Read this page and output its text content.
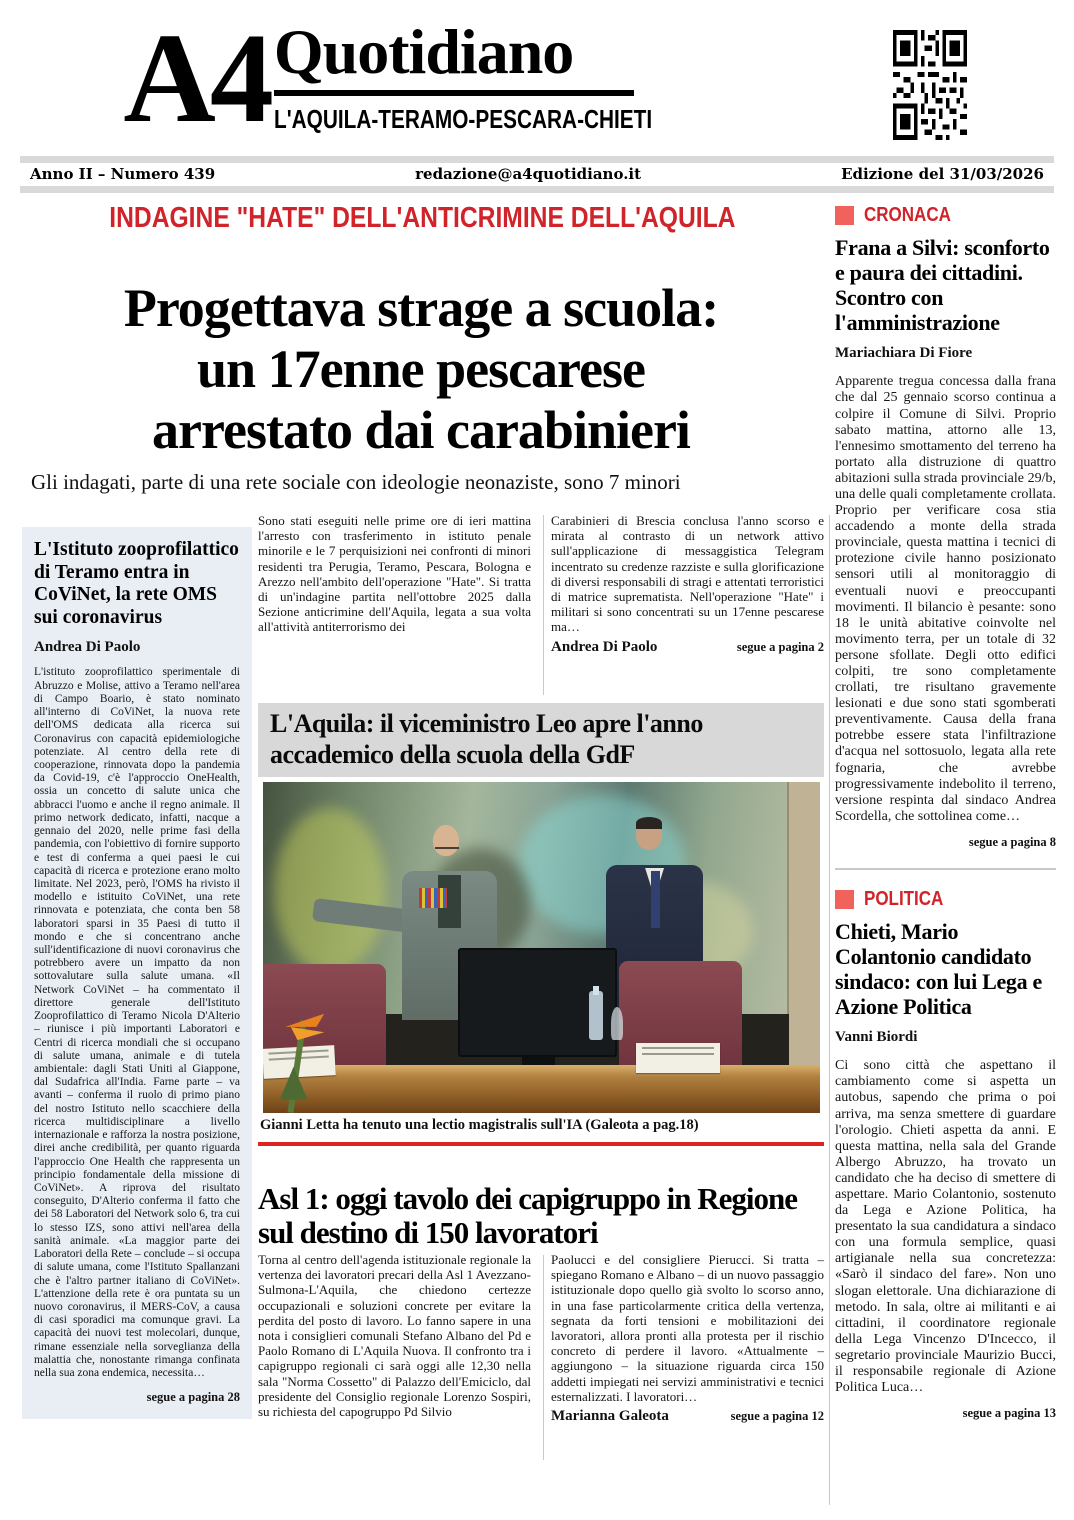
A4 Quotidiano
L'AQUILA-TERAMO-PESCARA-CHIETI
Anno II – Numero 439	redazione@a4quotidiano.it	Edizione del 31/03/2026
INDAGINE "HATE" DELL'ANTICRIMINE DELL'AQUILA
Progettava strage a scuola:
un 17enne pescarese
arrestato dai carabinieri
Gli indagati, parte di una rete sociale con ideologie neonaziste, sono 7 minori
Sono stati eseguiti nelle prime ore di ieri mattina l'arresto con trasferimento in istituto penale minorile e le 7 perquisizioni nei confronti di minori residenti tra Perugia, Teramo, Pescara, Bologna e Arezzo nell'ambito dell'operazione "Hate". Si tratta di un'indagine partita nell'ottobre 2025 dalla Sezione anticrimine dell'Aquila, legata a sua volta all'attività antiterrorismo dei
Carabinieri di Brescia conclusa l'anno scorso e mirata al contrasto di un network attivo sull'applicazione di messaggistica Telegram incentrato su credenze razziste e sulla glorificazione di diversi responsabili di stragi e attentati terroristici di matrice suprematista. Nell'operazione "Hate" i militari si sono concentrati su un 17enne pescarese ma…
Andrea Di Paolo	segue a pagina 2
L'Istituto zooprofilattico di Teramo entra in CoViNet, la rete OMS sui coronavirus
Andrea Di Paolo
L'istituto zooprofilattico sperimentale di Abruzzo e Molise, attivo a Teramo nell'area di Campo Boario, è stato nominato all'interno di CoViNet, la nuova rete dell'OMS dedicata alla ricerca sui Coronavirus con capacità epidemiologiche potenziate. Al centro della rete di cooperazione, rinnovata dopo la pandemia da Covid-19, c'è l'approccio OneHealth, ossia un concetto di salute unica che abbracci l'uomo e anche il regno animale. Il primo network dedicato, infatti, nacque a gennaio del 2020, nelle prime fasi della pandemia, con l'obiettivo di fornire supporto e test di conferma a quei paesi le cui capacità di ricerca e protezione erano molto limitate. Nel 2023, però, l'OMS ha rivisto il modello e istituito CoViNet, una rete rinnovata e potenziata, che conta ben 58 laboratori sparsi in 35 Paesi di tutto il mondo e che si concentrano anche sull'identificazione di nuovi coronavirus che potrebbero avere un impatto da non sottovalutare sulla salute umana. «Il Network CoViNet – ha commentato il direttore generale dell'Istituto Zooprofilattico di Teramo Nicola D'Alterio – riunisce i più importanti Laboratori e Centri di ricerca mondiali che si occupano di salute umana, animale e di tutela ambientale: dagli Stati Uniti al Giappone, dal Sudafrica all'India. Farne parte – va avanti – conferma il ruolo di primo piano del nostro Istituto nello scacchiere della ricerca multidisciplinare a livello internazionale e rafforza la nostra posizione, direi anche credibilità, per quanto riguarda l'approccio One Health che rappresenta un principio fondamentale della missione di CoViNet». A riprova del risultato conseguito, D'Alterio conferma il fatto che dei 58 Laboratori del Network solo 6, tra cui lo stesso IZS, sono attivi nell'area della sanità animale. «La maggior parte dei Laboratori della Rete – conclude – si occupa di salute umana, come l'Istituto Spallanzani che è l'altro partner italiano di CoViNet». L'attenzione della rete è ora puntata su un nuovo coronavirus, il MERS-CoV, a causa di casi sporadici ma comunque gravi. La capacità dei nuovi test molecolari, dunque, rimane essenziale nella sorveglianza della malattia che, nonostante rimanga confinata nella sua zona endemica, necessita…
segue a pagina 28
L'Aquila: il viceministro Leo apre l'anno accademico della scuola della GdF
Gianni Letta ha tenuto una lectio magistralis sull'IA (Galeota a pag.18)
Asl 1: oggi tavolo dei capigruppo in Regione sul destino di 150 lavoratori
Torna al centro dell'agenda istituzionale regionale la vertenza dei lavoratori precari della Asl 1 Avezzano-Sulmona-L'Aquila, che chiedono certezze occupazionali e soluzioni concrete per evitare la perdita del posto di lavoro. Lo fanno sapere in una nota i consiglieri comunali Stefano Albano del Pd e Paolo Romano di L'Aquila Nuova. Il confronto tra i capigruppo regionali ci sarà oggi alle 12,30 nella sala "Norma Cossetto" di Palazzo dell'Emiciclo, dal presidente del Consiglio regionale Lorenzo Sospiri, su richiesta del capogruppo Pd Silvio
Paolucci e del consigliere Pierucci. Si tratta – spiegano Romano e Albano – di un nuovo passaggio istituzionale dopo quello già svolto lo scorso anno, in una fase particolarmente critica della vertenza, segnata da forti tensioni e mobilitazioni dei lavoratori, allora pronti alla protesta per il rischio concreto di perdere il lavoro. «Attualmente – aggiungono – la situazione riguarda circa 150 addetti impiegati nei servizi amministrativi e tecnici esternalizzati. I lavoratori…
Marianna Galeota	segue a pagina 12
CRONACA
Frana a Silvi: sconforto e paura dei cittadini. Scontro con l'amministrazione
Mariachiara Di Fiore
Apparente tregua concessa dalla frana che dal 25 gennaio scorso continua a colpire il Comune di Silvi. Proprio sabato mattina, attorno alle 13, l'ennesimo smottamento del terreno ha portato alla distruzione di quattro abitazioni sulla strada provinciale 29/b, una delle quali completamente crollata. Proprio per verificare cosa stia accadendo a monte della strada provinciale, questa mattina i tecnici di protezione civile hanno posizionato sensori utili al monitoraggio di eventuali nuovi e preoccupanti movimenti. Il bilancio è pesante: sono 18 le unità abitative coinvolte nel movimento terra, per un totale di 32 persone sfollate. Degli otto edifici colpiti, tre sono completamente crollati, tre risultano gravemente lesionati e due sono stati sgomberati preventivamente. Causa della frana potrebbe essere stata l'infiltrazione d'acqua nel sottosuolo, legata alla rete fognaria, che avrebbe progressivamente indebolito il terreno, versione respinta dal sindaco Andrea Scordella, che sottolinea come…
segue a pagina 8
POLITICA
Chieti, Mario Colantonio candidato sindaco: con lui Lega e Azione Politica
Vanni Biordi
Ci sono città che aspettano il cambiamento come si aspetta un autobus, sapendo che prima o poi arriva, ma senza smettere di guardare l'orologio. Chieti aspetta da anni. E questa mattina, nella sala del Grande Albergo Abruzzo, ha trovato un candidato che ha deciso di smettere di aspettare. Mario Colantonio, sostenuto da Lega e Azione Politica, ha presentato la sua candidatura a sindaco con una formula semplice, quasi artigianale nella sua concretezza: «Sarò il sindaco del fare». Non uno slogan elettorale. Una dichiarazione di metodo. In sala, oltre ai militanti e ai cittadini, il coordinatore regionale della Lega Vincenzo D'Incecco, il segretario provinciale Maurizio Bucci, il responsabile regionale di Azione Politica Luca…
segue a pagina 13
